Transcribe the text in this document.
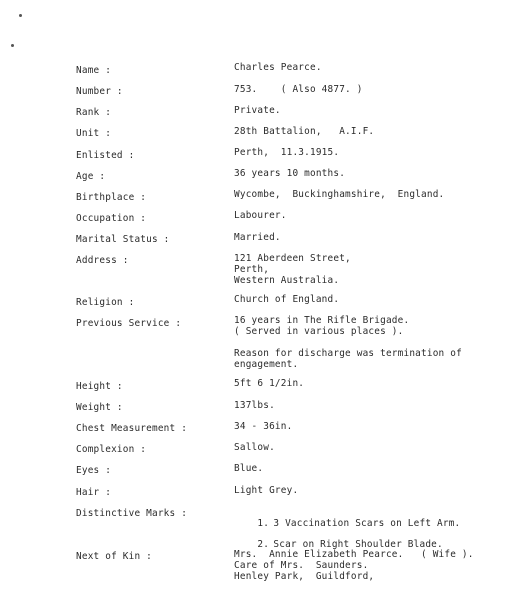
Name :	Charles Pearce.
Number :	753.    ( Also 4877. )
Rank :	Private.
Unit :	28th Battalion,   A.I.F.
Enlisted :	Perth,  11.3.1915.
Age :	36 years 10 months.
Birthplace :	Wycombe,  Buckinghamshire,  England.
Occupation :	Labourer.
Marital Status :	Married.
Address :	121 Aberdeen Street,
Perth,
Western Australia.
Religion :	Church of England.
Previous Service :	16 years in The Rifle Brigade.
( Served in various places ).
Reason for discharge was termination of
engagement.
Height :	5ft 6 1/2in.
Weight :	137lbs.
Chest Measurement :	34 - 36in.
Complexion :	Sallow.
Eyes :	Blue.
Hair :	Light Grey.
Distinctive Marks :

1. 3 Vaccination Scars on Left Arm.

2. Scar on Right Shoulder Blade.

Next of Kin :	Mrs.  Annie Elizabeth Pearce.   ( Wife ).
Care of Mrs.  Saunders.
Henley Park,  Guildford,
